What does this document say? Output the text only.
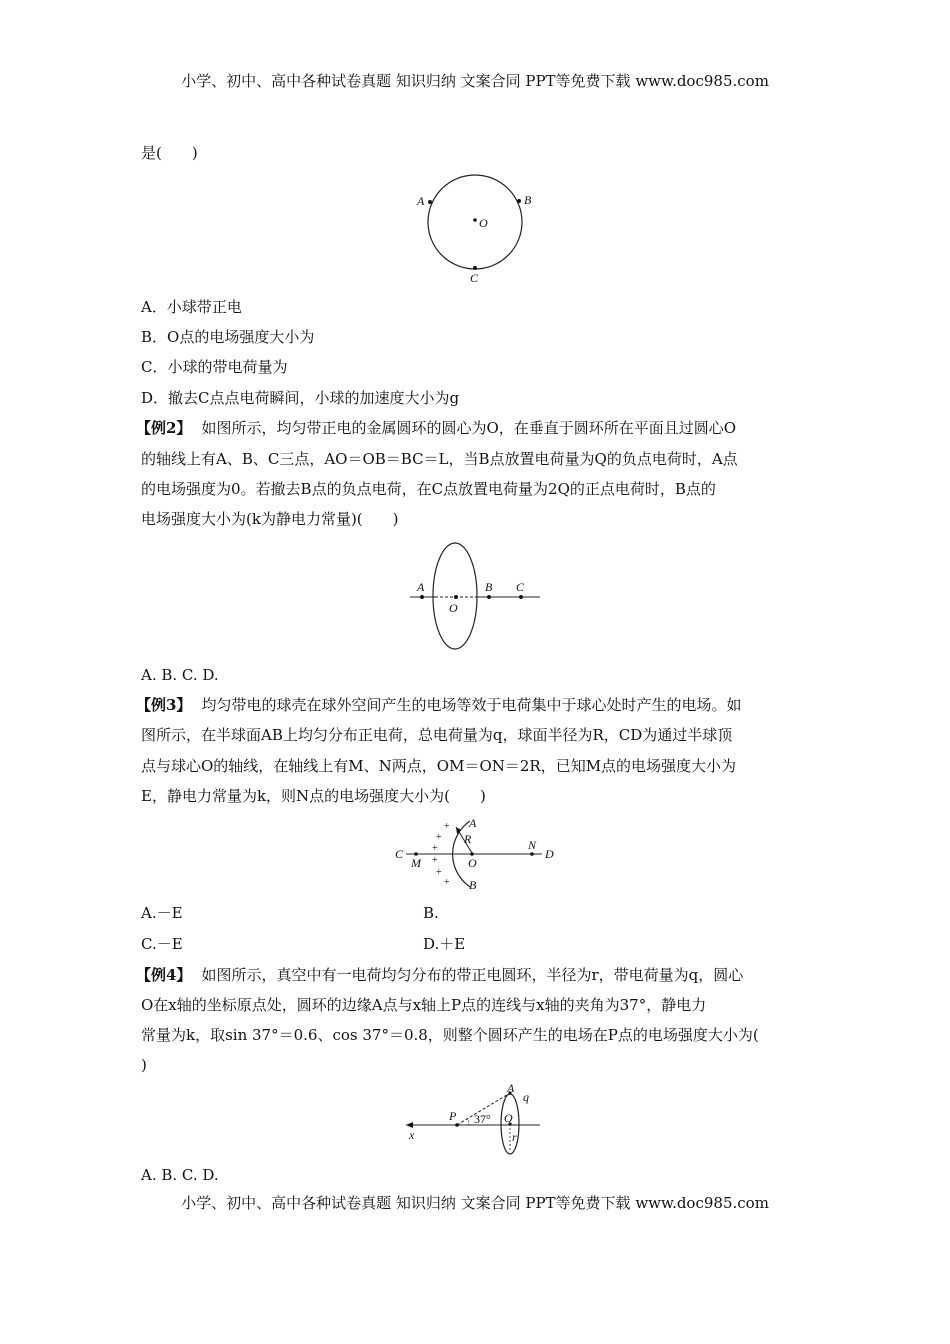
小学、初中、高中各种试卷真题 知识归纳 文案合同 PPT等免费下载 www.doc985.com
是(　　)
A	B
C
O
A．小球带正电
B．O点的电场强度大小为
C．小球的带电荷量为
D．撤去C点点电荷瞬间，小球的加速度大小为g
【例2】 如图所示，均匀带正电的金属圆环的圆心为O，在垂直于圆环所在平面且过圆心O
的轴线上有A、B、C三点，AO＝OB＝BC＝L，当B点放置电荷量为Q的负点电荷时，A点
的电场强度为0。若撤去B点的负点电荷，在C点放置电荷量为2Q的正点电荷时，B点的
电场强度大小为(k为静电力常量)(　　)
A
O
B C
A. B. C. D.
【例3】 均匀带电的球壳在球外空间产生的电场等效于电荷集中于球心处时产生的电场。如
图所示，在半球面AB上均匀分布正电荷，总电荷量为q，球面半径为R，CD为通过半球顶
点与球心O的轴线，在轴线上有M、N两点，OM＝ON＝2R，已知M点的电场强度大小为
E，静电力常量为k，则N点的电场强度大小为(　　)
C	D
M
N
O
R
A
B
+
+
+
+
+
+
A.－E	B.
C.－E	D.＋E
【例4】 如图所示，真空中有一电荷均匀分布的带正电圆环，半径为r，带电荷量为q，圆心
O在x轴的坐标原点处，圆环的边缘A点与x轴上P点的连线与x轴的夹角为37°，静电力
常量为k，取sin 37°＝0.6、cos 37°＝0.8，则整个圆环产生的电场在P点的电场强度大小为(
)
A
q
P 37° O
r
x
A. B. C. D.
小学、初中、高中各种试卷真题 知识归纳 文案合同 PPT等免费下载 www.doc985.com
